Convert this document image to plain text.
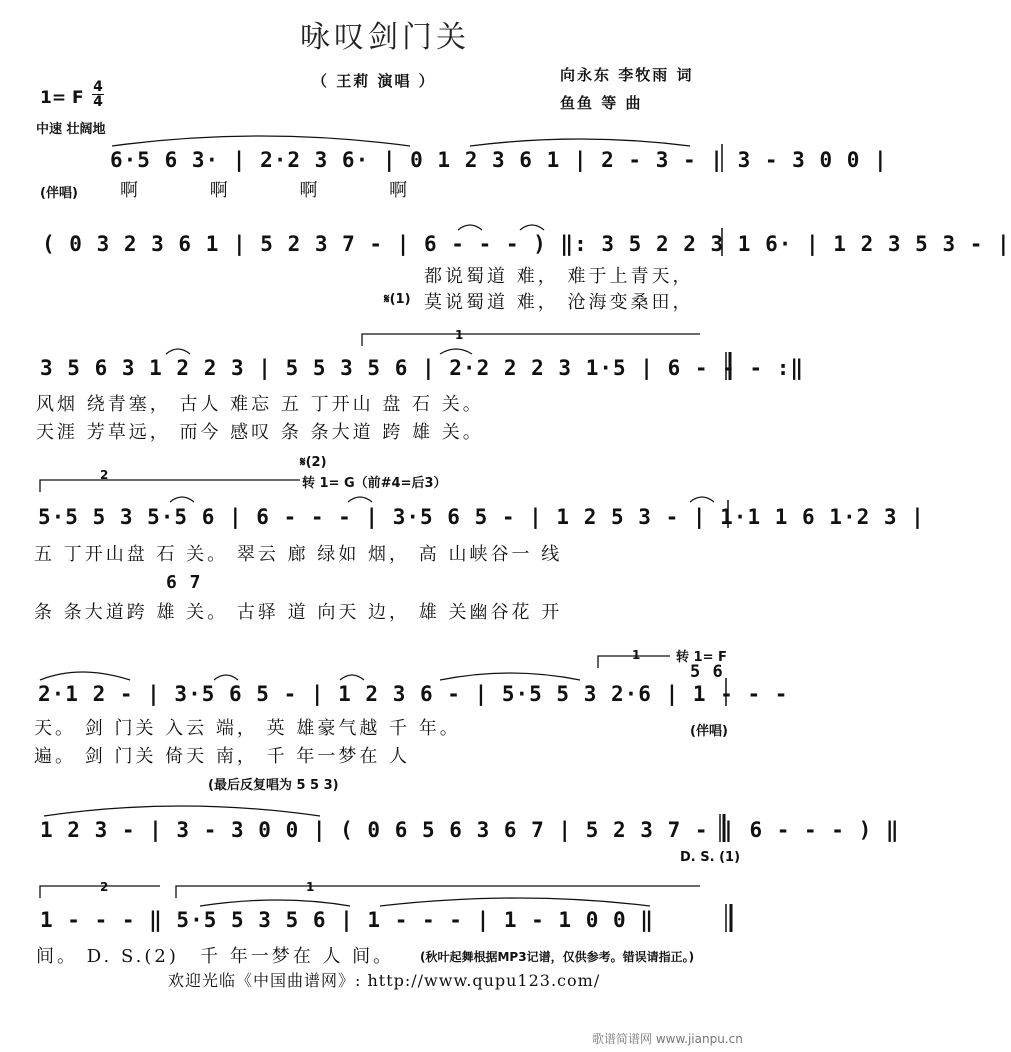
咏叹剑门关
（ 王莉 演唱 ）	向永东 李牧雨 词
鱼鱼 等 曲
1= F
4
4
中速 壮阔地
6·5 6 3· | 2·2 3 6· | 0 1 2 3 6 1 | 2 - 3 - | 3 - 3 0 0 |
(伴唱) 啊 啊 啊 啊
( 0 3 2 3 6 1 | 5 2 3 7 - | 6 - - - ) ‖: 3 5 2 2 3 1 6· | 1 2 3 5 3 - |
都说蜀道 难， 难于上青天，
𝄋(1) 莫说蜀道 难， 沧海变桑田，
1
3 5 6 3 1 2 2 3 | 5 5 3 5 6 | 2·2 2 2 3 1·5 | 6 - - - :‖
风烟 绕青塞， 古人 难忘 五 丁开山 盘 石 关。
天涯 芳草远， 而今 感叹 条 条大道 跨 雄 关。
2
𝄋(2)
转 1= G（前#4=后3）
5·5 5 3 5·5 6 | 6 - - - | 3·5 6 5 - | 1 2 5 3 - | 1·1 1 6 1·2 3 |
五 丁开山盘 石 关。 翠云 廊 绿如 烟， 高 山峡谷一 线
6 7
条 条大道跨 雄 关。 古驿 道 向天 边， 雄 关幽谷花 开
1	转 1= F
5 6
2·1 2 - | 3·5 6 5 - | 1 2 3 6 - | 5·5 5 3 2·6 | 1 - - -
天。 剑 门关 入云 端， 英 雄豪气越 千 年。	(伴唱)
遍。 剑 门关 倚天 南， 千 年一梦在 人
(最后反复唱为 5 5 3)
1 2 3 - | 3 - 3 0 0 | ( 0 6 5 6 3 6 7 | 5 2 3 7 - | 6 - - - ) ‖
D. S. (1)
2	1
1 - - - ‖ 5·5 5 3 5 6 | 1 - - - | 1 - 1 0 0 ‖
间。 D. S.(2) 千 年一梦在 人 间。 (秋叶起舞根据MP3记谱，仅供参考。错误请指正。)
欢迎光临《中国曲谱网》: http://www.qupu123.com/
歌谱简谱网 www.jianpu.cn
